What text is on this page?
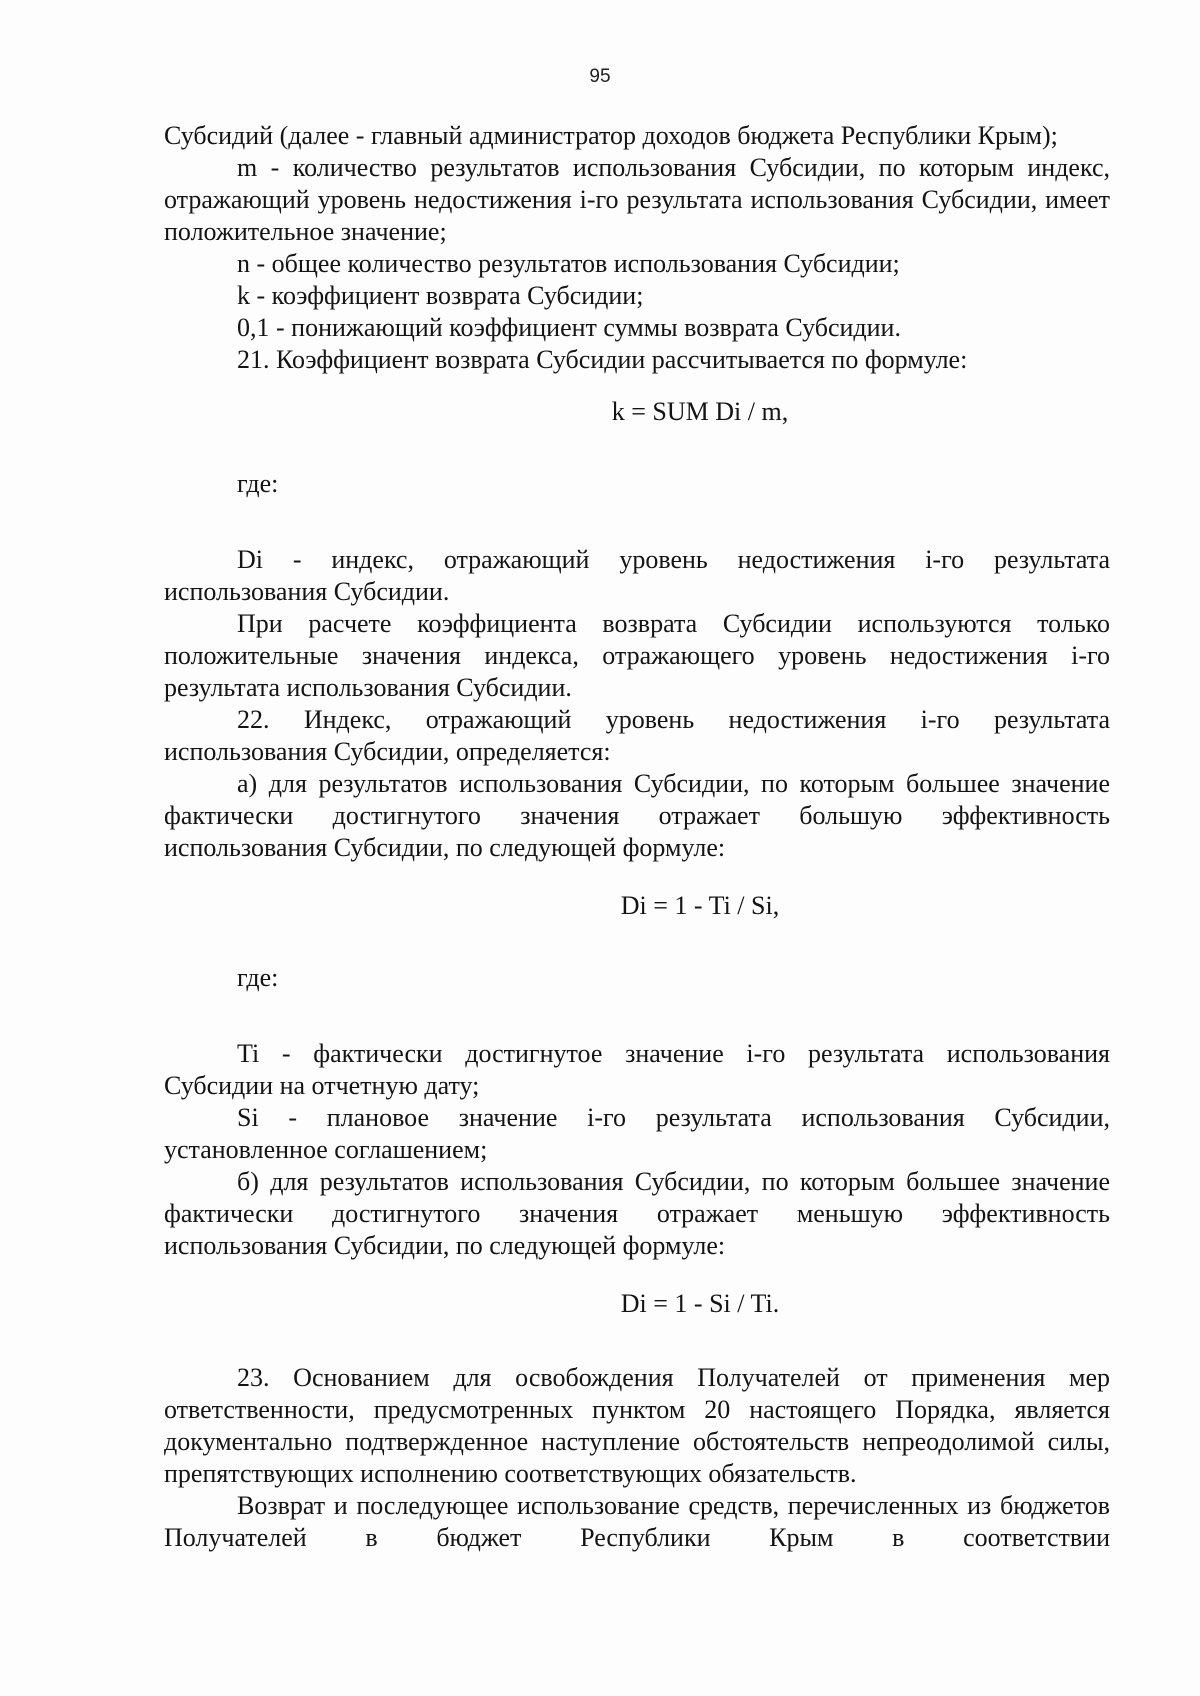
95

Субсидий (далее - главный администратор доходов бюджета Республики Крым);

m - количество результатов использования Субсидии, по которым индекс, отражающий уровень недостижения i-го результата использования Субсидии, имеет положительное значение;

n - общее количество результатов использования Субсидии;

k - коэффициент возврата Субсидии;

0,1 - понижающий коэффициент суммы возврата Субсидии.

21. Коэффициент возврата Субсидии рассчитывается по формуле:

k = SUM Di / m,

где:

Di - индекс, отражающий уровень недостижения i-го результата использования Субсидии.

При расчете коэффициента возврата Субсидии используются только положительные значения индекса, отражающего уровень недостижения i-го результата использования Субсидии.

22. Индекс, отражающий уровень недостижения i-го результата использования Субсидии, определяется:

а) для результатов использования Субсидии, по которым большее значение фактически достигнутого значения отражает большую эффективность использования Субсидии, по следующей формуле:

Di = 1 - Ti / Si,

где:

Ti - фактически достигнутое значение i-го результата использования Субсидии на отчетную дату;

Si - плановое значение i-го результата использования Субсидии, установленное соглашением;

б) для результатов использования Субсидии, по которым большее значение фактически достигнутого значения отражает меньшую эффективность использования Субсидии, по следующей формуле:

Di = 1 - Si / Ti.

23. Основанием для освобождения Получателей от применения мер ответственности, предусмотренных пунктом 20 настоящего Порядка, является документально подтвержденное наступление обстоятельств непреодолимой силы, препятствующих исполнению соответствующих обязательств.

Возврат и последующее использование средств, перечисленных из бюджетов Получателей в бюджет Республики Крым в соответствии
